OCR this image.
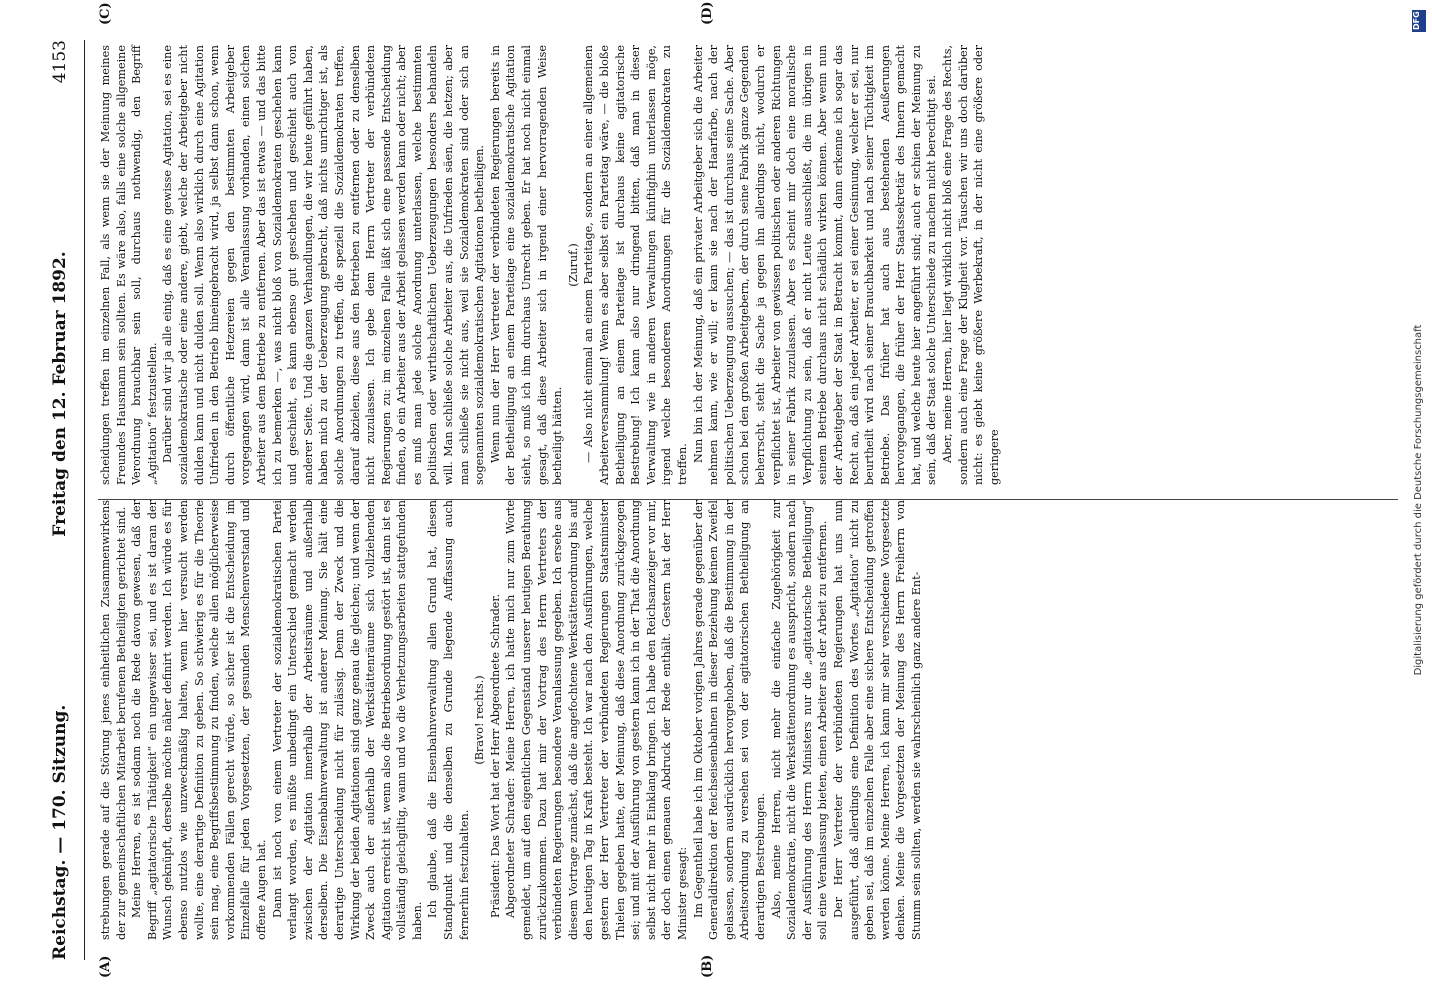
Reichstag. — 170. Sitzung.
Freitag den 12. Februar 1892.
4153
(A)	(B)
(C)	(D)

strebungen gerade auf die Störung jenes einheitlichen Zusammenwirkens der zur gemeinschaftlichen Mitarbeit berufenen Betheiligten gerichtet sind. Meine Herren, es ist sodann noch die Rede davon gewesen, daß der Begriff „agitatorische Thätigkeit“ ein ungewisser sei, und es ist daran der Wunsch geknüpft, derselbe möchte näher definirt werden. Ich würde es für ebenso nutzlos wie unzweckmäßig halten, wenn hier versucht werden wollte, eine derartige Definition zu geben. So schwierig es für die Theorie sein mag, eine Begriffsbestimmung zu finden, welche allen möglicherweise vorkommenden Fällen gerecht würde, so sicher ist die Entscheidung im Einzelfalle für jeden Vorgesetzten, der gesunden Menschenverstand und offene Augen hat. Dann ist noch von einem Vertreter der sozialdemokratischen Partei verlangt worden, es müßte unbedingt ein Unterschied gemacht werden zwischen der Agitation innerhalb der Arbeitsräume und außerhalb derselben. Die Eisenbahnverwaltung ist anderer Meinung. Sie hält eine derartige Unterscheidung nicht für zulässig. Denn der Zweck und die Wirkung der beiden Agitationen sind ganz genau die gleichen; und wenn der Zweck auch der außerhalb der Werkstättenräume sich vollziehenden Agitation erreicht ist, wenn also die Betriebsordnung gestört ist, dann ist es vollständig gleichgiltig, wann und wo die Verhetzungsarbeiten stattgefunden haben.

Ich glaube, daß die Eisenbahnverwaltung allen Grund hat, diesen Standpunkt und die denselben zu Grunde liegende Auffassung auch fernerhin festzuhalten.

(Bravo! rechts.) Präsident: Das Wort hat der Herr Abgeordnete Schrader. Abgeordneter Schrader: Meine Herren, ich hatte mich nur zum Worte gemeldet, um auf den eigentlichen Gegenstand unserer heutigen Berathung zurückzukommen. Dazu hat mir der Vortrag des Herrn Vertreters der verbündeten Regierungen besondere Veranlassung gegeben. Ich ersehe aus diesem Vortrage zunächst, daß die angefochtene Werkstättenordnung bis auf den heutigen Tag in Kraft besteht. Ich war nach den Ausführungen, welche gestern der Herr Vertreter der verbündeten Regierungen Staatsminister Thielen gegeben hatte, der Meinung, daß diese Anordnung zurückgezogen sei; und mit der Ausführung von gestern kann ich in der That die Anordnung selbst nicht mehr in Einklang bringen. Ich habe den Reichsanzeiger vor mir, der doch einen genauen Abdruck der Rede enthält. Gestern hat der Herr Minister gesagt: Im Gegentheil habe ich im Oktober vorigen Jahres gerade gegenüber der Generaldirektion der Reichseisenbahnen in dieser Beziehung keinen Zweifel gelassen, sondern ausdrücklich hervorgehoben, daß die Bestimmung in der Arbeitsordnung zu versehen sei von der agitatorischen Betheiligung an derartigen Bestrebungen. Also, meine Herren, nicht mehr die einfache Zugehörigkeit zur Sozialdemokratie, nicht die Werkstättenordnung es ausspricht, sondern nach der Ausführung des Herrn Ministers nur die „agitatorische Betheiligung“ soll eine Veranlassung bieten, einen Arbeiter aus der Arbeit zu entfernen. Der Herr Vertreter der verbündeten Regierungen hat uns nun ausgeführt, daß allerdings eine Definition des Wortes „Agitation“ nicht zu geben sei, daß im einzelnen Falle aber eine sichere Entscheidung getroffen werden könne. Meine Herren, ich kann mir sehr verschiedene Vorgesetzte denken. Meine die Vorgesetzten der Meinung des Herrn Freiherrn von Stumm sein sollten, werden sie wahrscheinlich ganz andere Ent-

scheidungen treffen im einzelnen Fall, als wenn sie der Meinung meines Freundes Hausmann sein sollten. Es wäre also, falls eine solche allgemeine Verordnung brauchbar sein soll, durchaus nothwendig, den Begriff „Agitation“ festzustellen. Darüber sind wir ja alle einig, daß es eine gewisse Agitation, sei es eine sozialdemokratische oder eine andere, giebt, welche der Arbeitgeber nicht dulden kann und nicht dulden soll. Wenn also wirklich durch eine Agitation Unfrieden in den Betrieb hineingebracht wird, ja selbst dann schon, wenn durch öffentliche Hetzereien gegen den bestimmten Arbeitgeber vorgegangen wird, dann ist alle Veranlassung vorhanden, einen solchen Arbeiter aus dem Betriebe zu entfernen. Aber das ist etwas — und das bitte ich zu bemerken —, was nicht bloß von Sozialdemokraten geschehen kann und geschieht, es kann ebenso gut geschehen und geschieht auch von anderer Seite. Und die ganzen Verhandlungen, die wir heute geführt haben, haben mich zu der Ueberzeugung gebracht, daß nichts unrichtiger ist, als solche Anordnungen zu treffen, die speziell die Sozialdemokraten treffen, darauf abzielen, diese aus den Betrieben zu entfernen oder zu denselben nicht zuzulassen. Ich gebe dem Herrn Vertreter der verbündeten Regierungen zu: im einzelnen Falle läßt sich eine passende Entscheidung finden, ob ein Arbeiter aus der Arbeit gelassen werden kann oder nicht; aber es muß man jede solche Anordnung unterlassen, welche bestimmten politischen oder wirthschaftlichen Ueberzeugungen besonders behandeln will. Man schließe solche Arbeiter aus, die Unfrieden säen, die hetzen; aber man schließe sie nicht aus, weil sie Sozialdemokraten sind oder sich an sogenannten sozialdemokratischen Agitationen betheiligen. Wenn nun der Herr Vertreter der verbündeten Regierungen bereits in der Betheiligung an einem Parteitage eine sozialdemokratische Agitation sieht, so muß ich ihm durchaus Unrecht geben. Er hat noch nicht einmal gesagt, daß diese Arbeiter sich in irgend einer hervorragenden Weise betheiligt hätten.

(Zuruf.) — Also nicht einmal an einem Parteitage, sondern an einer allgemeinen Arbeiterversammlung! Wenn es aber selbst ein Parteitag wäre, — die bloße Betheiligung an einem Parteitage ist durchaus keine agitatorische Bestrebung! Ich kann also nur dringend bitten, daß man in dieser Verwaltung wie in anderen Verwaltungen künftighin unterlassen möge, irgend welche besonderen Anordnungen für die Sozialdemokraten zu treffen.

Nun bin ich der Meinung, daß ein privater Arbeitgeber sich die Arbeiter nehmen kann, wie er will; er kann sie nach der Haarfarbe, nach der politischen Ueberzeugung aussuchen; — das ist durchaus seine Sache. Aber schon bei den großen Arbeitgebern, der durch seine Fabrik ganze Gegenden beherrscht, steht die Sache ja gegen ihn allerdings nicht, wodurch er verpflichtet ist, Arbeiter von gewissen politischen oder anderen Richtungen in seiner Fabrik zuzulassen. Aber es scheint mir doch eine moralische Verpflichtung zu sein, daß er nicht Leute ausschließt, die im übrigen in seinem Betriebe durchaus nicht schädlich wirken können. Aber wenn nun der Arbeitgeber der Staat in Betracht kommt, dann erkenne ich sogar das Recht an, daß ein jeder Arbeiter, er sei einer Gesinnung, welcher er sei, nur beurtheilt wird nach seiner Brauchbarkeit und nach seiner Tüchtigkeit im Betriebe. Das früher hat auch aus bestehenden Aeußerungen hervorgegangen, die früher der Herr Staatssekretär des Innern gemacht hat, und welche heute hier angeführt sind; auch er schien der Meinung zu sein, daß der Staat solche Unterschiede zu machen nicht berechtigt sei. Aber, meine Herren, hier liegt wirklich nicht bloß eine Frage des Rechts, sondern auch eine Frage der Klugheit vor. Täuschen wir uns doch darüber nicht: es giebt keine größere Werbekraft, in der nicht eine größere oder geringere	Digitalisierung gefördert durch die Deutsche Forschungsgemeinschaft
DFG
